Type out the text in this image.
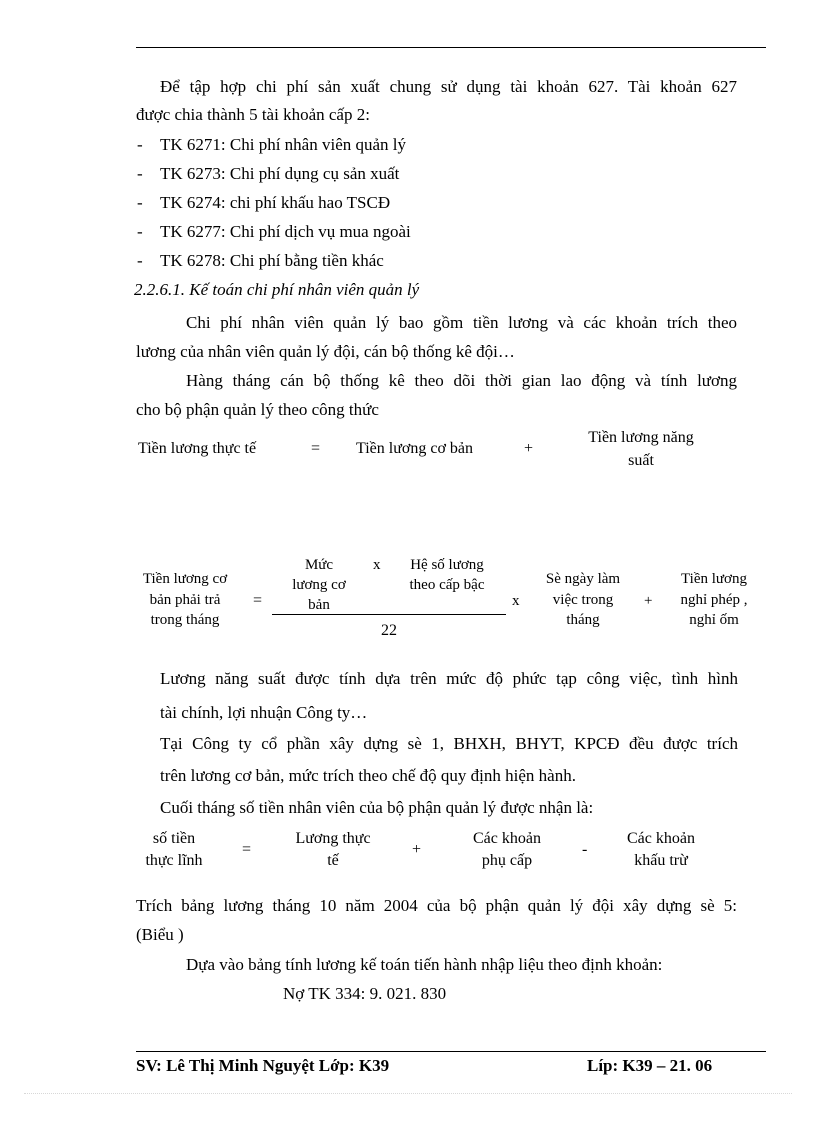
Để tập hợp chi phí sản xuất chung sử dụng tài khoản 627. Tài khoản 627
được chia thành 5 tài khoản cấp 2:
- TK 6271: Chi phí nhân viên quản lý
- TK 6273: Chi phí dụng cụ sản xuất
- TK 6274: chi phí khấu hao TSCĐ
- TK 6277: Chi phí dịch vụ mua ngoài
- TK 6278: Chi phí bằng tiền khác
2.2.6.1. Kế toán chi phí nhân viên quản lý
Chi phí nhân viên quản lý bao gồm tiền lương và các khoản trích theo
lương của nhân viên quản lý đội, cán bộ thống kê đội…
Hàng tháng cán bộ thống kê theo dõi thời gian lao động và tính lương
cho bộ phận quản lý theo công thức
Tiền lương thực tế	= Tiền lương cơ bản	+
Tiền lương năng
suất
Tiền lương cơ
bản phải trả
trong tháng
=
Mức
lương cơ
bản
x	Hệ số lương
theo cấp bậc
22
x
Sè ngày làm
việc trong
tháng
+
Tiền lương
nghỉ phép ,
nghỉ ốm
Lương năng suất được tính dựa trên mức độ phức tạp công việc, tình hình
tài chính, lợi nhuận Công ty…
Tại Công ty cổ phần xây dựng sè 1, BHXH, BHYT, KPCĐ đều được trích
trên lương cơ bản, mức trích theo chế độ quy định hiện hành.
Cuối tháng số tiền nhân viên của bộ phận quản lý được nhận là:
số tiền
thực lĩnh
=
Lương thực
tế
+
Các khoản
phụ cấp
-
Các khoản
khấu trừ
Trích bảng lương tháng 10 năm 2004 của bộ phận quản lý đội xây dựng sè 5:
(Biểu )
Dựa vào bảng tính lương kế toán tiến hành nhập liệu theo định khoản:
Nợ TK 334: 9. 021. 830
SV: Lê Thị Minh Nguyệt Lớp: K39	Líp: K39 – 21. 06
